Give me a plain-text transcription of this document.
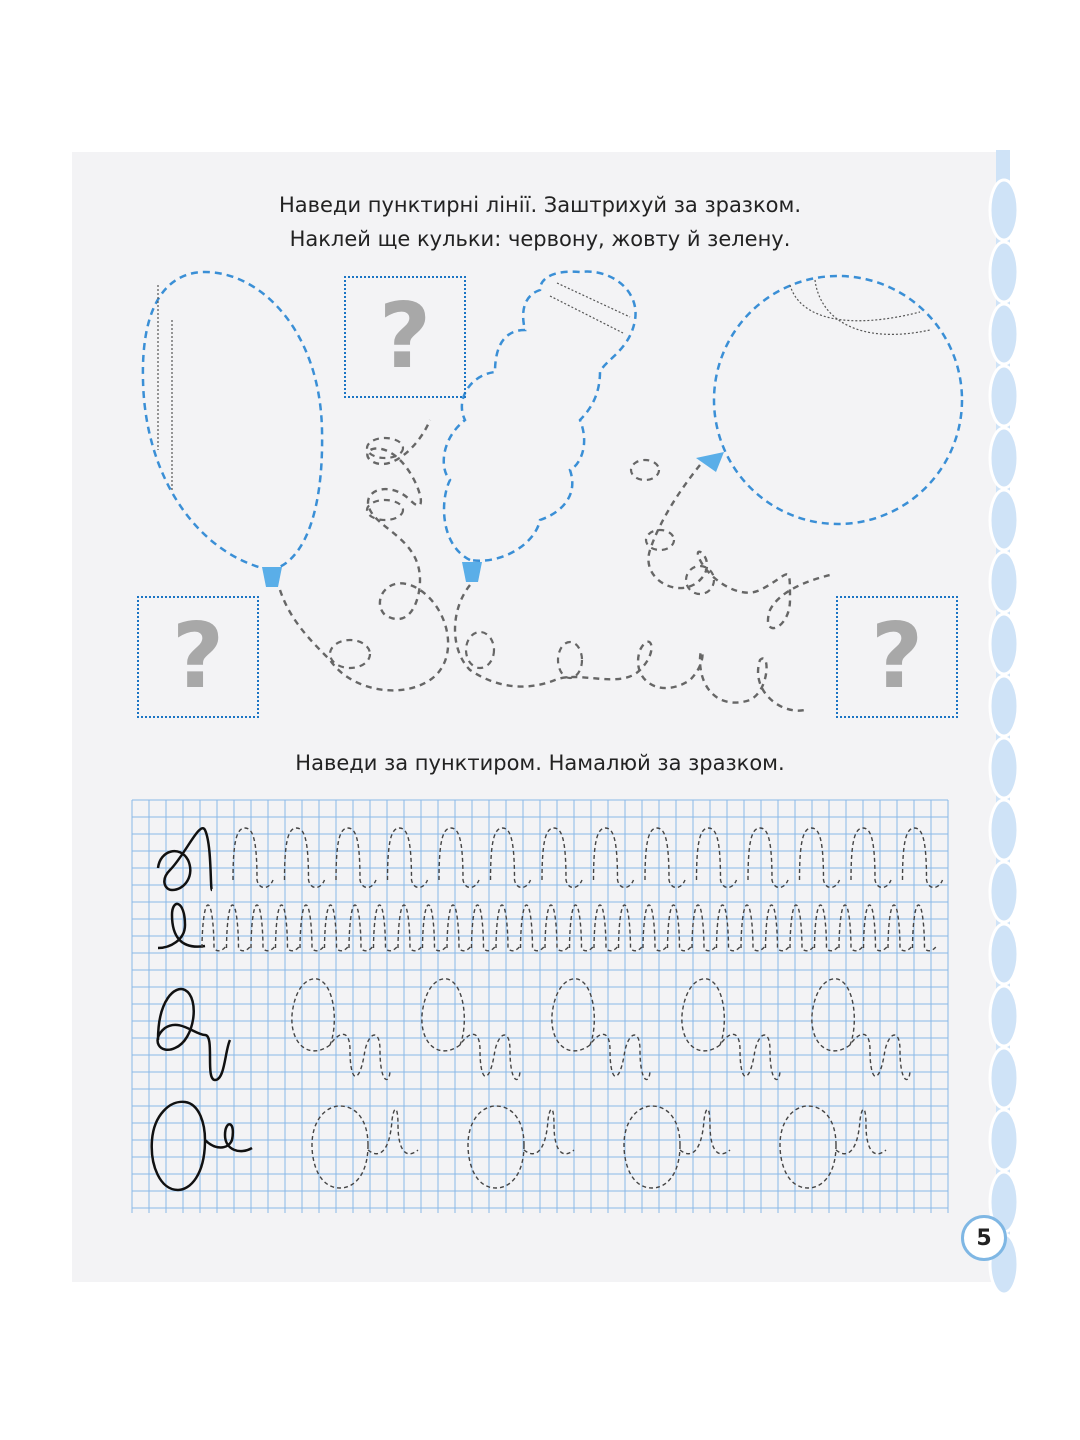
Наведи пунктирні лінії. Заштрихуй за зразком.
Наклей ще кульки: червону, жовту й зелену.
?
?	?
Наведи за пунктиром. Намалюй за зразком.
5
